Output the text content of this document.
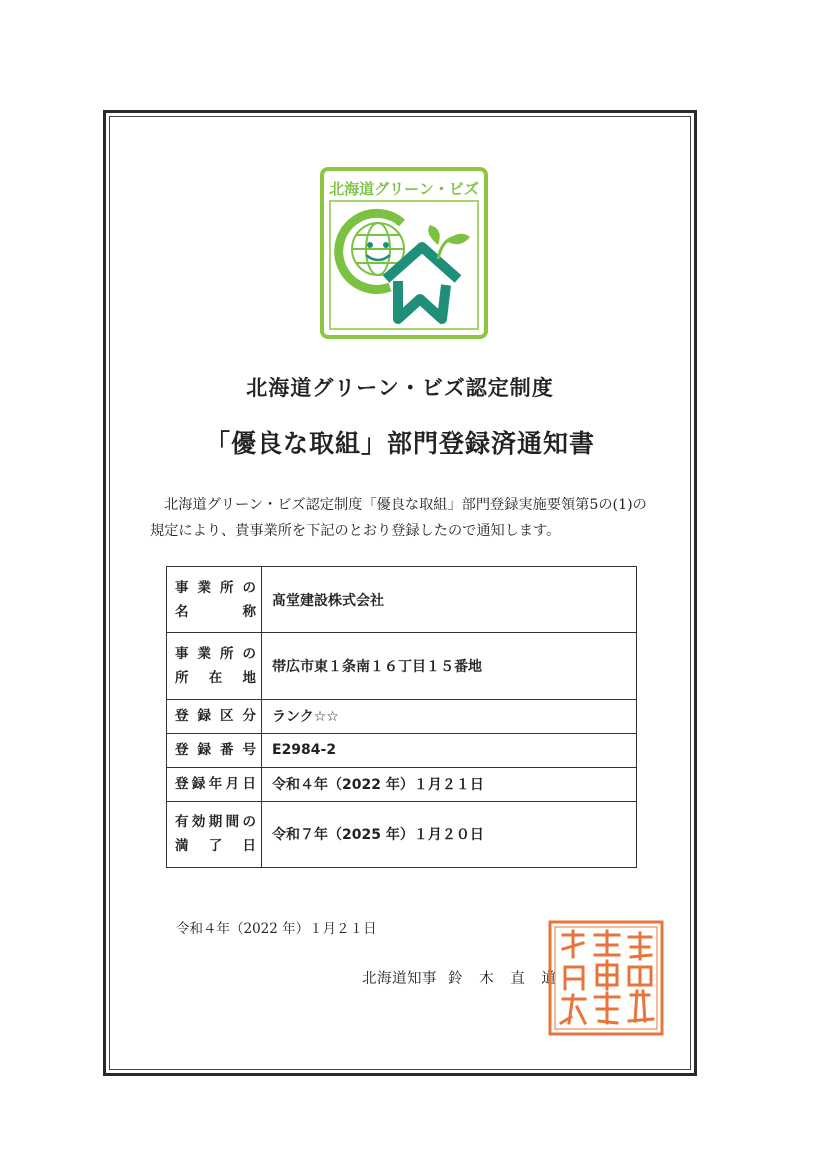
北海道グリーン・ビズ
北海道グリーン・ビズ認定制度
「優良な取組」部門登録済通知書
北海道グリーン・ビズ認定制度「優良な取組」部門登録実施要領第5の(1)の
規定により、貴事業所を下記のとおり登録したので通知します。
事業所の
名　　称	髙堂建設株式会社

事業所の
所在地	帯広市東１条南１６丁目１５番地

登録区分	ランク☆☆

登録番号	E2984-2

登録年月日	令和４年（2022 年）１月２１日

有効期間の
満了日	令和７年（2025 年）１月２０日
令和４年（2022 年）１月２１日
北海道知事 鈴 木 直 道
